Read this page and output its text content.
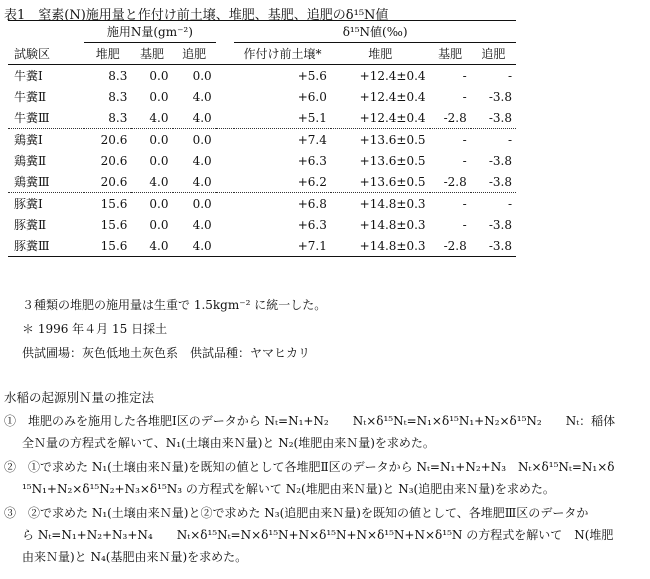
表1　窒素(N)施用量と作付け前土壌、堆肥、基肥、追肥のδ¹⁵N値
	施用N量(gm⁻²)				δ¹⁵N値(‰)			
試験区	堆肥	基肥	追肥		作付け前土壌*	堆肥	基肥	追肥
牛糞Ⅰ	8.3	0.0	0.0		+5.6	+12.4±0.4	-	-
牛糞Ⅱ	8.3	0.0	4.0		+6.0	+12.4±0.4	-	-3.8
牛糞Ⅲ	8.3	4.0	4.0		+5.1	+12.4±0.4	-2.8	-3.8
鶏糞Ⅰ	20.6	0.0	0.0		+7.4	+13.6±0.5	-	-
鶏糞Ⅱ	20.6	0.0	4.0		+6.3	+13.6±0.5	-	-3.8
鶏糞Ⅲ	20.6	4.0	4.0		+6.2	+13.6±0.5	-2.8	-3.8
豚糞Ⅰ	15.6	0.0	0.0		+6.8	+14.8±0.3	-	-
豚糞Ⅱ	15.6	0.0	4.0		+6.3	+14.8±0.3	-	-3.8
豚糞Ⅲ	15.6	4.0	4.0		+7.1	+14.8±0.3	-2.8	-3.8
３種類の堆肥の施用量は生重で 1.5kgm⁻² に統一した。
＊ 1996 年４月 15 日採土
供試圃場：灰色低地土灰色系　供試品種：ヤマヒカリ
水稲の起源別Ｎ量の推定法
①　堆肥のみを施用した各堆肥Ⅰ区のデータから Nₜ=N₁+N₂　　Nₜ×δ¹⁵Nₜ=N₁×δ¹⁵N₁+N₂×δ¹⁵N₂　　Nₜ：稲体
全Ｎ量の方程式を解いて、N₁(土壌由来Ｎ量)と N₂(堆肥由来Ｎ量)を求めた。
②　①で求めた N₁(土壌由来Ｎ量)を既知の値として各堆肥Ⅱ区のデータから Nₜ=N₁+N₂+N₃　Nₜ×δ¹⁵Nₜ=N₁×δ
¹⁵N₁+N₂×δ¹⁵N₂+N₃×δ¹⁵N₃ の方程式を解いて N₂(堆肥由来Ｎ量)と N₃(追肥由来Ｎ量)を求めた。
③　②で求めた N₁(土壌由来Ｎ量)と②で求めた N₃(追肥由来Ｎ量)を既知の値として、各堆肥Ⅲ区のデータか
ら Nₜ=N₁+N₂+N₃+N₄　　Nₜ×δ¹⁵Nₜ=N×δ¹⁵N+N×δ¹⁵N+N×δ¹⁵N+N×δ¹⁵N の方程式を解いて　N(堆肥
由来Ｎ量)と N₄(基肥由来Ｎ量)を求めた。
